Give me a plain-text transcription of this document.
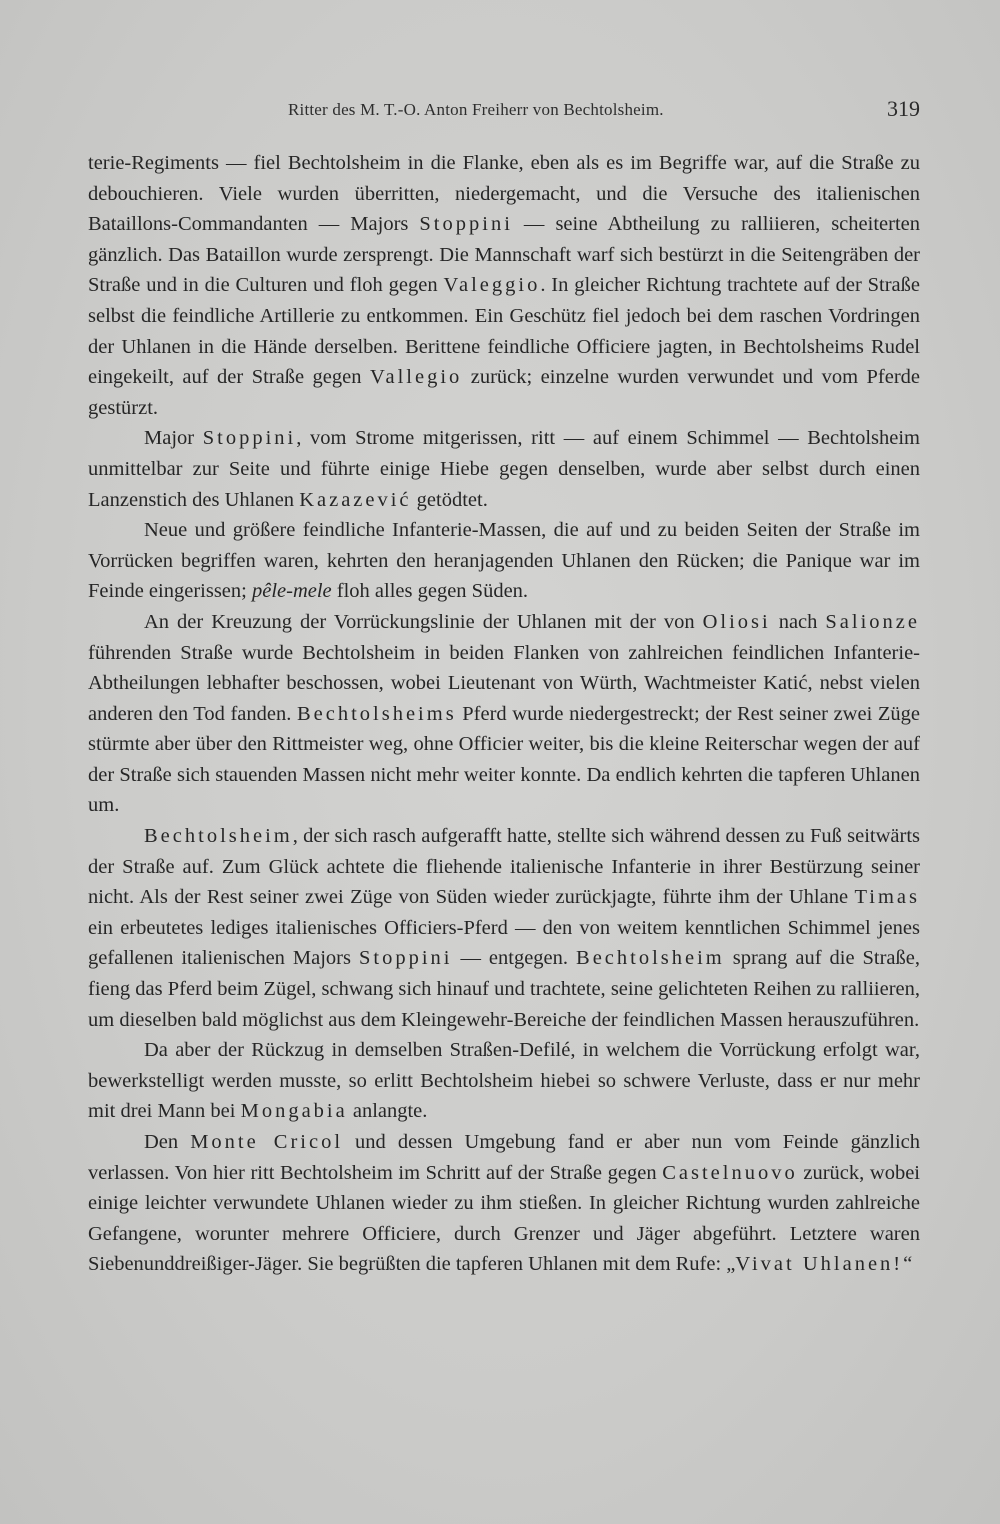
Ritter des M. T.-O. Anton Freiherr von Bechtolsheim.	319

terie-Regiments — fiel Bechtolsheim in die Flanke, eben als es im Begriffe war, auf die Straße zu debouchieren. Viele wurden überritten, niedergemacht, und die Versuche des italienischen Bataillons-Commandanten — Majors Stoppini — seine Abtheilung zu ralliieren, scheiterten gänzlich. Das Bataillon wurde zersprengt. Die Mannschaft warf sich bestürzt in die Seitengräben der Straße und in die Culturen und floh gegen Valeggio. In gleicher Richtung trachtete auf der Straße selbst die feindliche Artillerie zu entkommen. Ein Geschütz fiel jedoch bei dem raschen Vordringen der Uhlanen in die Hände derselben. Berittene feindliche Officiere jagten, in Bechtolsheims Rudel eingekeilt, auf der Straße gegen Vallegio zurück; einzelne wurden verwundet und vom Pferde gestürzt.

Major Stoppini, vom Strome mitgerissen, ritt — auf einem Schimmel — Bechtolsheim unmittelbar zur Seite und führte einige Hiebe gegen denselben, wurde aber selbst durch einen Lanzenstich des Uhlanen Kazazević getödtet.

Neue und größere feindliche Infanterie-Massen, die auf und zu beiden Seiten der Straße im Vorrücken begriffen waren, kehrten den heranjagenden Uhlanen den Rücken; die Panique war im Feinde eingerissen; pêle-mele floh alles gegen Süden.

An der Kreuzung der Vorrückungslinie der Uhlanen mit der von Oliosi nach Salionze führenden Straße wurde Bechtolsheim in beiden Flanken von zahlreichen feindlichen Infanterie-Abtheilungen lebhafter beschossen, wobei Lieutenant von Würth, Wachtmeister Katić, nebst vielen anderen den Tod fanden. Bechtolsheims Pferd wurde niedergestreckt; der Rest seiner zwei Züge stürmte aber über den Rittmeister weg, ohne Officier weiter, bis die kleine Reiterschar wegen der auf der Straße sich stauenden Massen nicht mehr weiter konnte. Da endlich kehrten die tapferen Uhlanen um.

Bechtolsheim, der sich rasch aufgerafft hatte, stellte sich während dessen zu Fuß seitwärts der Straße auf. Zum Glück achtete die fliehende italienische Infanterie in ihrer Bestürzung seiner nicht. Als der Rest seiner zwei Züge von Süden wieder zurückjagte, führte ihm der Uhlane Timas ein erbeutetes lediges italienisches Officiers-Pferd — den von weitem kenntlichen Schimmel jenes gefallenen italienischen Majors Stoppini — entgegen. Bechtolsheim sprang auf die Straße, fieng das Pferd beim Zügel, schwang sich hinauf und trachtete, seine gelichteten Reihen zu ralliieren, um dieselben bald möglichst aus dem Kleingewehr-Bereiche der feindlichen Massen herauszuführen.

Da aber der Rückzug in demselben Straßen-Defilé, in welchem die Vorrückung erfolgt war, bewerkstelligt werden musste, so erlitt Bechtolsheim hiebei so schwere Verluste, dass er nur mehr mit drei Mann bei Mongabia anlangte.

Den Monte Cricol und dessen Umgebung fand er aber nun vom Feinde gänzlich verlassen. Von hier ritt Bechtolsheim im Schritt auf der Straße gegen Castelnuovo zurück, wobei einige leichter verwundete Uhlanen wieder zu ihm stießen. In gleicher Richtung wurden zahlreiche Gefangene, worunter mehrere Officiere, durch Grenzer und Jäger abgeführt. Letztere waren Siebenunddreißiger-Jäger. Sie begrüßten die tapferen Uhlanen mit dem Rufe: „Vivat Uhlanen!“
